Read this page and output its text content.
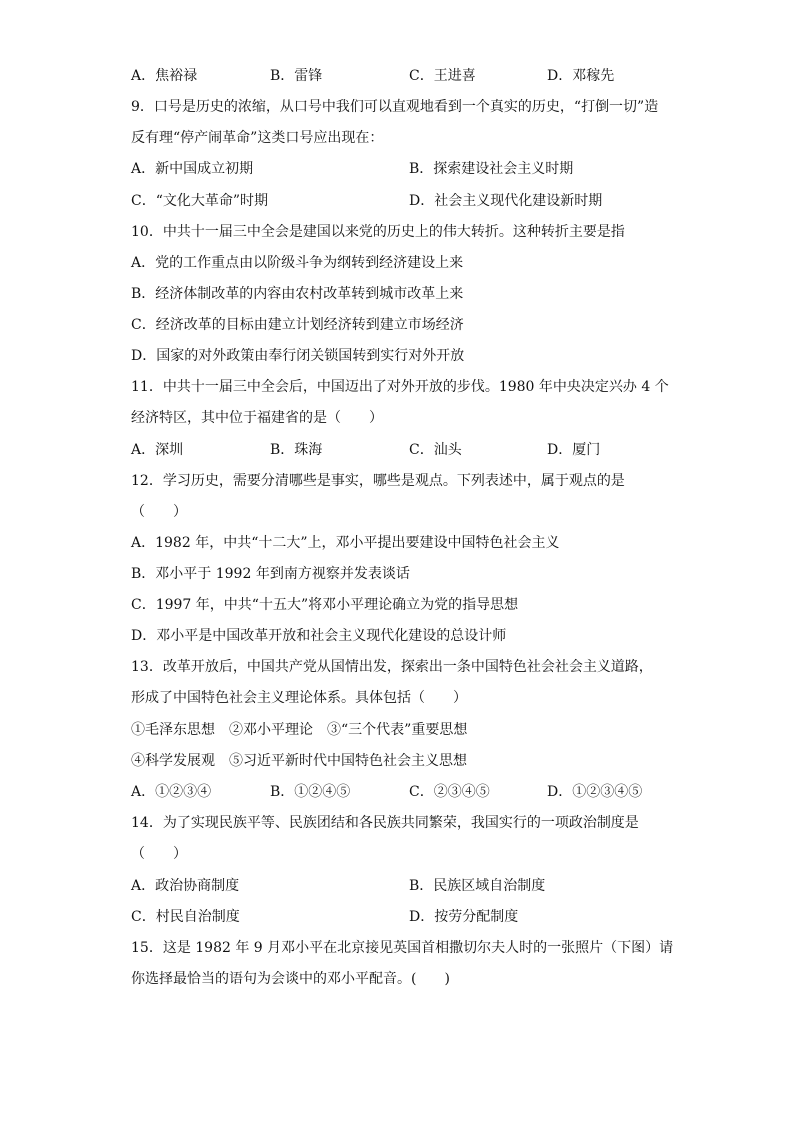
A．焦裕禄	B．雷锋	C．王进喜	D．邓稼先
9．口号是历史的浓缩，从口号中我们可以直观地看到一个真实的历史，“打倒一切”造
反有理“停产闹革命”这类口号应出现在：
A．新中国成立初期	B．探索建设社会主义时期
C．“文化大革命”时期	D．社会主义现代化建设新时期
10．中共十一届三中全会是建国以来党的历史上的伟大转折。这种转折主要是指
A．党的工作重点由以阶级斗争为纲转到经济建设上来
B．经济体制改革的内容由农村改革转到城市改革上来
C．经济改革的目标由建立计划经济转到建立市场经济
D．国家的对外政策由奉行闭关锁国转到实行对外开放
11．中共十一届三中全会后，中国迈出了对外开放的步伐。1980 年中央决定兴办 4 个
经济特区，其中位于福建省的是（　　）
A．深圳	B．珠海	C．汕头	D．厦门
12．学习历史，需要分清哪些是事实，哪些是观点。下列表述中，属于观点的是
（　　）
A．1982 年，中共“十二大”上，邓小平提出要建设中国特色社会主义
B．邓小平于 1992 年到南方视察并发表谈话
C．1997 年，中共“十五大”将邓小平理论确立为党的指导思想
D．邓小平是中国改革开放和社会主义现代化建设的总设计师
13．改革开放后，中国共产党从国情出发，探索出一条中国特色社会社会主义道路，
形成了中国特色社会主义理论体系。具体包括（　　）
①毛泽东思想　②邓小平理论　③“三个代表”重要思想
④科学发展观　⑤习近平新时代中国特色社会主义思想
A．①②③④	B．①②④⑤	C．②③④⑤	D．①②③④⑤
14．为了实现民族平等、民族团结和各民族共同繁荣，我国实行的一项政治制度是
（　　）
A．政治协商制度	B．民族区域自治制度
C．村民自治制度	D．按劳分配制度
15．这是 1982 年 9 月邓小平在北京接见英国首相撒切尔夫人时的一张照片（下图）请
你选择最恰当的语句为会谈中的邓小平配音。(　　)
